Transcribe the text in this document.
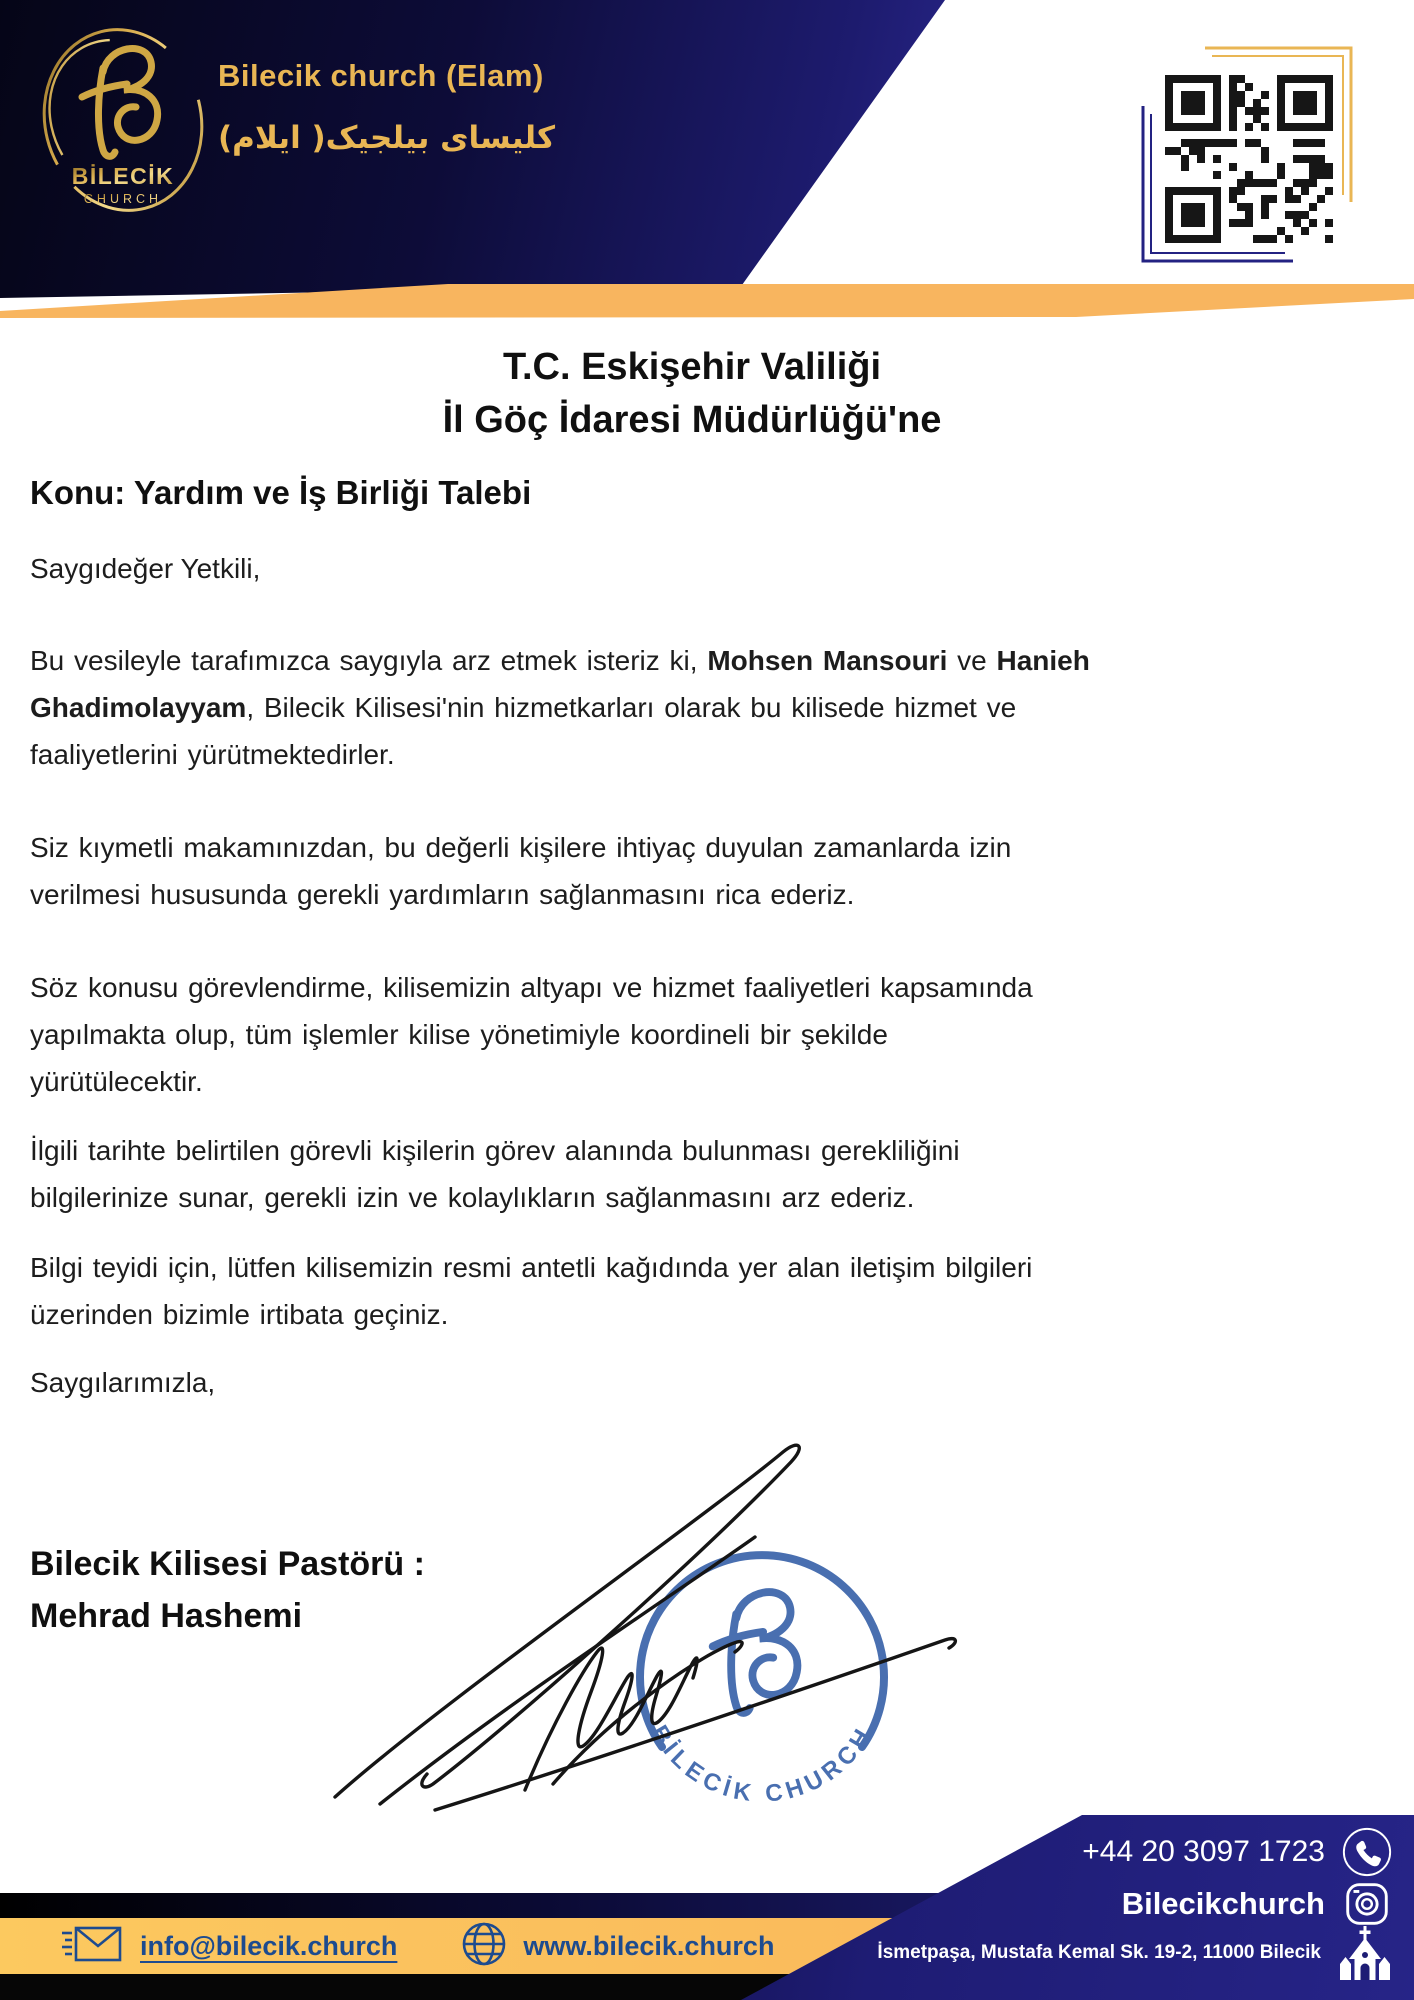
BİLECİK
CHURCH
Bilecik church (Elam)
کلیسای بیلجیک( ایلام)
T.C. Eskişehir Valiliği
İl Göç İdaresi Müdürlüğü'ne
Konu: Yardım ve İş Birliği Talebi
Saygıdeğer Yetkili,

Bu vesileyle tarafımızca saygıyla arz etmek isteriz ki, Mohsen Mansouri ve Hanieh
Ghadimolayyam, Bilecik Kilisesi'nin hizmetkarları olarak bu kilisede hizmet ve
faaliyetlerini yürütmektedirler.

Siz kıymetli makamınızdan, bu değerli kişilere ihtiyaç duyulan zamanlarda izin
verilmesi hususunda gerekli yardımların sağlanmasını rica ederiz.

Söz konusu görevlendirme, kilisemizin altyapı ve hizmet faaliyetleri kapsamında
yapılmakta olup, tüm işlemler kilise yönetimiyle koordineli bir şekilde
yürütülecektir.

İlgili tarihte belirtilen görevli kişilerin görev alanında bulunması gerekliliğini
bilgilerinize sunar, gerekli izin ve kolaylıkların sağlanmasını arz ederiz.

Bilgi teyidi için, lütfen kilisemizin resmi antetli kağıdında yer alan iletişim bilgileri
üzerinden bizimle irtibata geçiniz.

Saygılarımızla,
Bilecik Kilisesi Pastörü :
Mehrad Hashemi
BİLECİK CHURCH
+44 20 3097 1723
Bilecikchurch
İsmetpaşa, Mustafa Kemal Sk. 19-2, 11000 Bilecik
info@bilecik.church	www.bilecik.church
